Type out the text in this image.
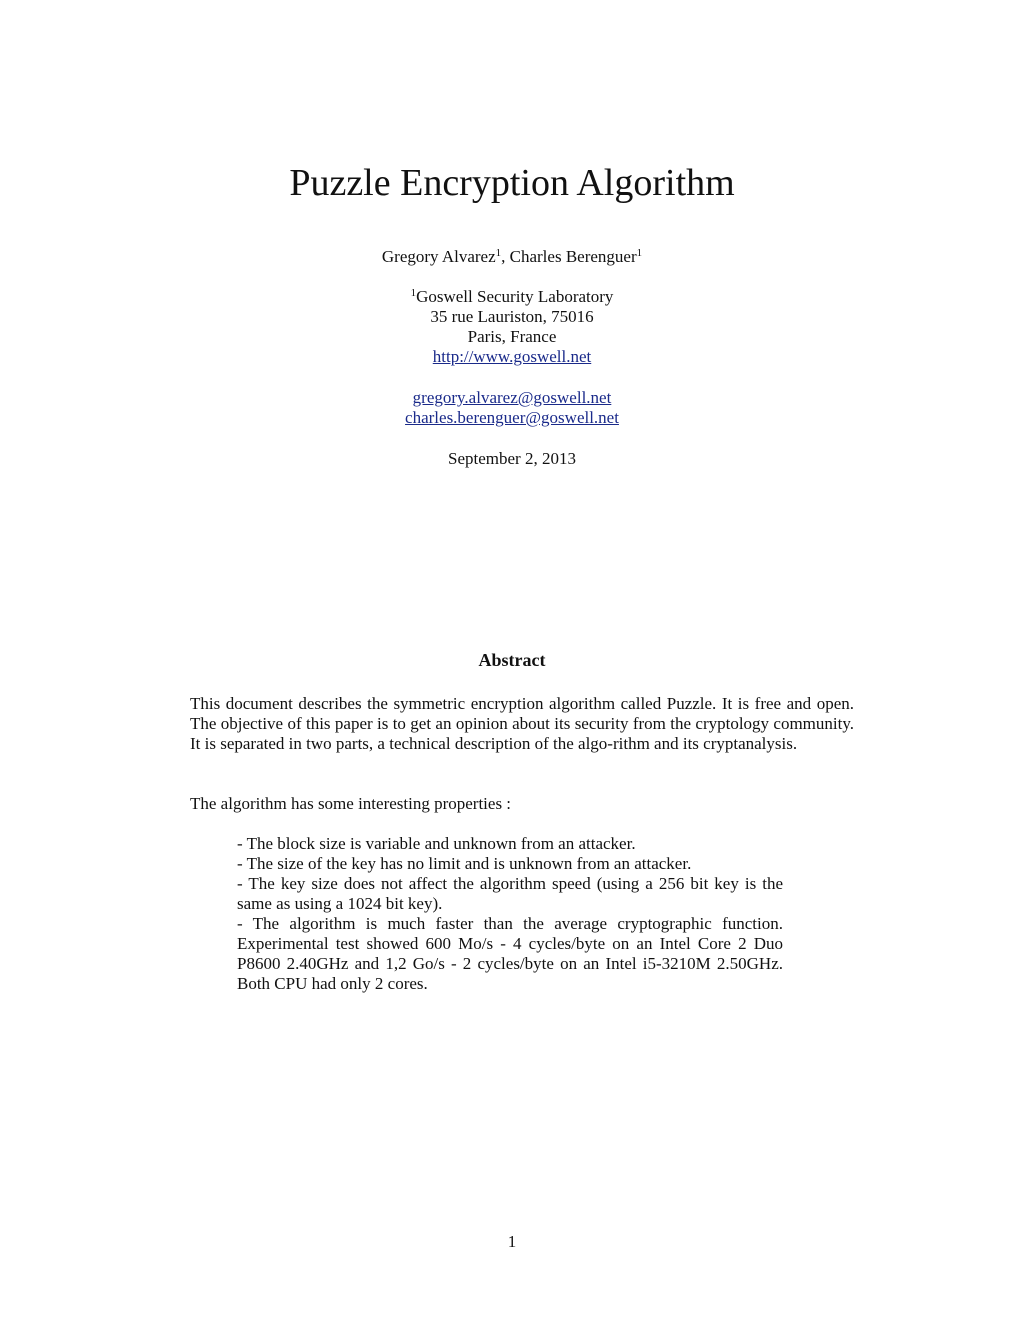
Puzzle Encryption Algorithm

Gregory Alvarez$^1$, Charles Berenguer$^1$

$^1$Goswell Security Laboratory
35 rue Lauriston, 75016
Paris, France
http://www.goswell.net
gregory.alvarez@goswell.net
charles.berenguer@goswell.net

September 2, 2013

Abstract

This document describes the symmetric encryption algorithm called Puzzle. It is free and open. The objective of this paper is to get an opinion about its security from the cryptology community. It is separated in two parts, a technical description of the algo-rithm and its cryptanalysis.

The algorithm has some interesting properties :

- The block size is variable and unknown from an attacker.
- The size of the key has no limit and is unknown from an attacker.
- The key size does not affect the algorithm speed (using a 256 bit key is the same as using a 1024 bit key).
- The algorithm is much faster than the average cryptographic function. Experimental test showed 600 Mo/s - 4 cycles/byte on an Intel Core 2 Duo P8600 2.40GHz and 1,2 Go/s - 2 cycles/byte on an Intel i5-3210M 2.50GHz. Both CPU had only 2 cores.
1
